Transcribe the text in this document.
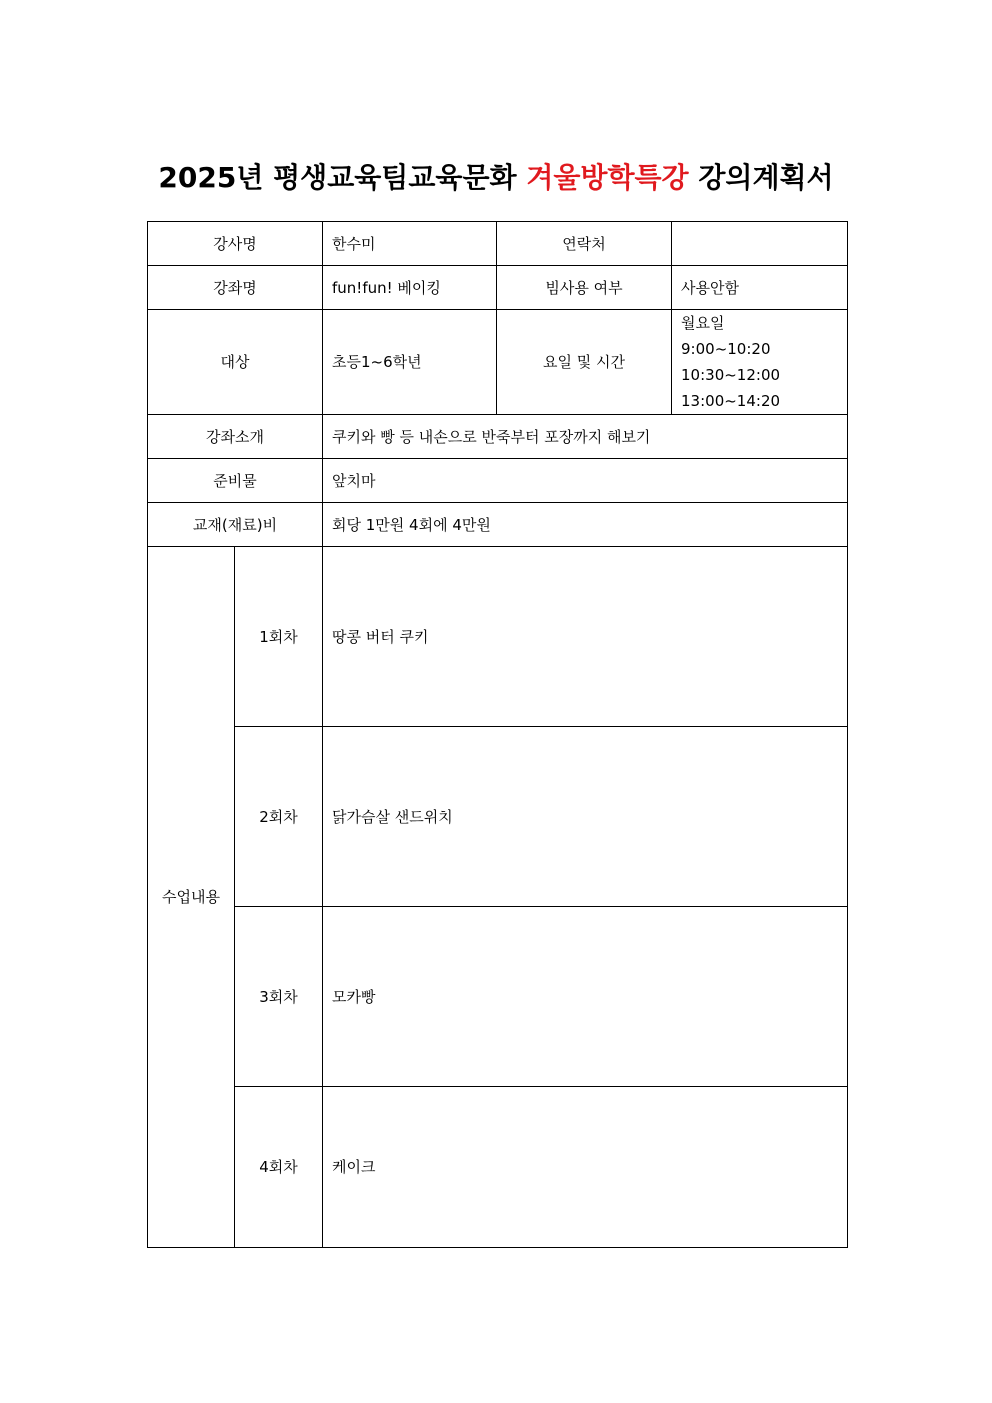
2025년 평생교육팀교육문화 겨울방학특강 강의계획서
강사명		한수미	연락처	
강좌명		fun!fun! 베이킹	빔사용 여부	사용안함
대상		초등1~6학년	요일 및 시간	월요일
9:00~10:20
10:30~12:00
13:00~14:20

강좌소개		쿠키와 빵 등 내손으로 반죽부터 포장까지 해보기		
준비물		앞치마		
교재(재료)비		회당 1만원 4회에 4만원		
수업내용	1회차	땅콩 버터 쿠키		
	2회차	닭가슴살 샌드위치		
	3회차	모카빵		
	4회차	케이크		
